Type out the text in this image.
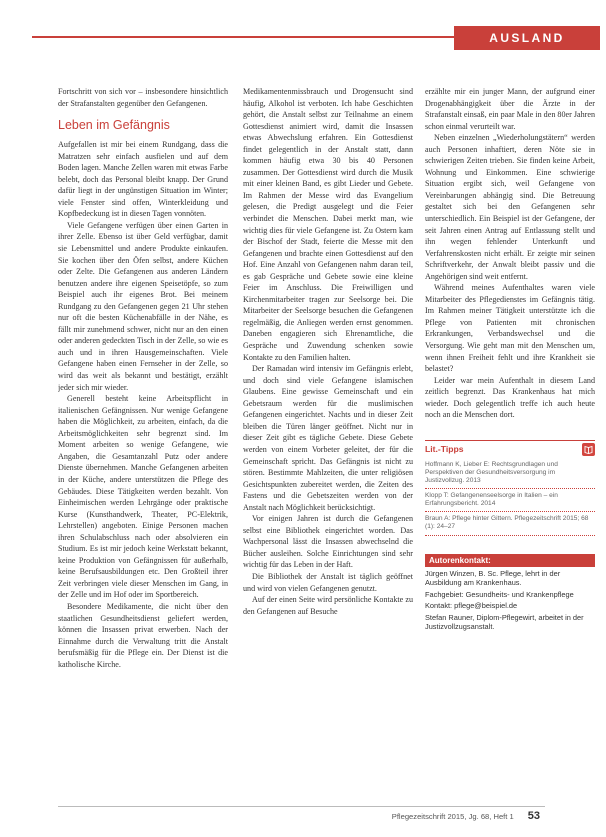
AUSLAND

Fortschritt von sich vor – insbesondere hinsichtlich der Strafanstalten gegenüber den Gefangenen.

Leben im Gefängnis

Aufgefallen ist mir bei einem Rundgang, dass die Matratzen sehr einfach ausfielen und auf dem Boden lagen. Manche Zellen waren mit etwas Farbe belebt, doch das Personal bleibt knapp. Der Grund dafür liegt in der ungünstigen Situation im Winter; viele Fenster sind offen, Winterkleidung und Kopfbedeckung ist in diesen Tagen vonnöten.

Viele Gefangene verfügen über einen Garten in ihrer Zelle. Ebenso ist über Geld verfügbar, damit sie Lebensmittel und andere Produkte einkaufen. Sie kochen über den Öfen selbst, andere Küchen oder Zelte. Die Gefangenen aus anderen Ländern benutzen andere ihre eigenen Speisetöpfe, so zum Beispiel auch ihr eigenes Brot. Bei meinem Rundgang zu den Gefangenen gegen 21 Uhr stehen nur oft die besten Küchenabfälle in der Nähe, es fällt mir zunehmend schwer, nicht nur an den einen oder anderen gedeckten Tisch in der Zelle, so wie es auch und in ihren Hausgemeinschaften. Viele Gefangene haben einen Fernseher in der Zelle, so wird das weit als bekannt und bestätigt, erzählt jeder sich mir wieder.

Generell besteht keine Arbeitspflicht in italienischen Gefängnissen. Nur wenige Gefangene haben die Möglichkeit, zu arbeiten, einfach, da die Arbeitsmöglichkeiten sehr begrenzt sind. Im Moment arbeiten so wenige Gefangene, wie Angaben, die Gesamtanzahl Putz oder andere Dienste übernehmen. Manche Gefangenen arbeiten in der Küche, andere unterstützen die Pflege des Gebäudes. Diese Tätigkeiten werden bezahlt. Von Einheimischen werden Lehrgänge oder praktische Kurse (Kunsthandwerk, Theater, PC-Elektrik, Lehrstellen) angeboten. Einige Personen machen ihren Schulabschluss nach oder absolvieren ein Studium. Es ist mir jedoch keine Werkstatt bekannt, keine Produktion von Gefängnissen für außerhalb, keine Berufsausbildungen etc. Den Großteil ihrer Zeit verbringen viele dieser Menschen im Gang, in der Zelle und im Hof oder im Sportbereich.

Besondere Medikamente, die nicht über den staatlichen Gesundheitsdienst geliefert werden, können die Insassen privat erwerben. Nach der Einnahme durch die Verwaltung tritt die Anstalt berufsmäßig für die Pflege ein. Der Dienst ist die katholische Kirche.

Medikamentenmissbrauch und Drogensucht sind häufig, Alkohol ist verboten. Ich habe Geschichten gehört, die Anstalt selbst zur Teilnahme an einem Gottesdienst animiert wird, damit die Insassen etwas Abwechslung erfahren. Ein Gottesdienst findet gelegentlich in der Anstalt statt, dann kommen häufig etwa 30 bis 40 Personen zusammen. Der Gottesdienst wird durch die Musik mit einer kleinen Band, es gibt Lieder und Gebete. Im Rahmen der Messe wird das Evangelium gelesen, die Predigt ausgelegt und die Feier verbindet die Menschen. Dabei merkt man, wie wichtig dies für viele Gefangene ist. Zu Ostern kam der Bischof der Stadt, feierte die Messe mit den Gefangenen und brachte einen Gottesdienst auf den Hof. Eine Anzahl von Gefangenen nahm daran teil, es gab Gespräche und Gebete sowie eine kleine Feier im Anschluss. Die Freiwilligen und Kirchenmitarbeiter tragen zur Seelsorge bei. Die Mitarbeiter der Seelsorge besuchen die Gefangenen regelmäßig, die Anliegen werden ernst genommen. Daneben engagieren sich Ehrenamtliche, die Gespräche und Zuwendung schenken sowie Kontakte zu den Familien halten.

Der Ramadan wird intensiv im Gefängnis erlebt, und doch sind viele Gefangene islamischen Glaubens. Eine gewisse Gemeinschaft und ein Gebetsraum werden für die muslimischen Gefangenen eingerichtet. Nachts und in dieser Zeit bleiben die Türen länger geöffnet. Nicht nur in dieser Zeit gibt es tägliche Gebete. Diese Gebete werden von einem Vorbeter geleitet, der für die Gemeinschaft spricht. Das Gefängnis ist nicht zu stören. Bestimmte Mahlzeiten, die unter religiösen Gesichtspunkten zubereitet werden, die Zeiten des Fastens und die Gebetszeiten werden von der Anstalt nach Möglichkeit berücksichtigt.

Vor einigen Jahren ist durch die Gefangenen selbst eine Bibliothek eingerichtet worden. Das Wachpersonal lässt die Insassen abwechselnd die Bücher ausleihen. Solche Einrichtungen sind sehr wichtig für das Leben in der Haft.

Die Bibliothek der Anstalt ist täglich geöffnet und wird von vielen Gefangenen genutzt.

Auf der einen Seite wird persönliche Kontakte zu den Gefangenen auf Besuche

erzählte mir ein junger Mann, der aufgrund einer Drogenabhängigkeit über die Ärzte in der Strafanstalt einsaß, ein paar Male in den 80er Jahren schon einmal verurteilt war.

Neben einzelnen „Wiederholungstätern“ werden auch Personen inhaftiert, deren Nöte sie in schwierigen Zeiten trieben. Sie finden keine Arbeit, Wohnung und Einkommen. Eine schwierige Situation ergibt sich, weil Gefangene von Vereinbarungen abhängig sind. Die Betreuung gestaltet sich bei den Gefangenen sehr unterschiedlich. Ein Beispiel ist der Gefangene, der seit Jahren einen Antrag auf Entlassung stellt und ihn wegen fehlender Unterkunft und Verfahrenskosten nicht erhält. Er zeigte mir seinen Schriftverkehr, der Anwalt bleibt passiv und die Angehörigen sind weit entfernt.

Während meines Aufenthaltes waren viele Mitarbeiter des Pflegedienstes im Gefängnis tätig. Im Rahmen meiner Tätigkeit unterstützte ich die Pflege von Patienten mit chronischen Erkrankungen, Verbandswechsel und die Versorgung. Wie geht man mit den Menschen um, wenn ihnen Freiheit fehlt und ihre Krankheit sie belastet?

Leider war mein Aufenthalt in diesem Land zeitlich begrenzt. Das Krankenhaus hat mich wieder. Doch gelegentlich treffe ich auch heute noch an die Menschen dort.

Lit.-Tipps
Hoffmann K, Lieber E: Rechtsgrundlagen und Perspektiven der Gesundheitsversorgung im Justizvollzug. 2013
Klopp T: Gefangenenseelsorge in Italien – ein Erfahrungsbericht. 2014
Braun A: Pflege hinter Gittern. Pflegezeitschrift 2015; 68 (1): 24–27
Autorenkontakt:
Jürgen Winzen, B. Sc. Pflege, lehrt in der Ausbildung am Krankenhaus.
Fachgebiet: Gesundheits- und Krankenpflege
Kontakt: pflege@beispiel.de
Stefan Rauner, Diplom-Pflegewirt, arbeitet in der Justizvollzugsanstalt.
Pflegezeitschrift 2015, Jg. 68, Heft 1 53
